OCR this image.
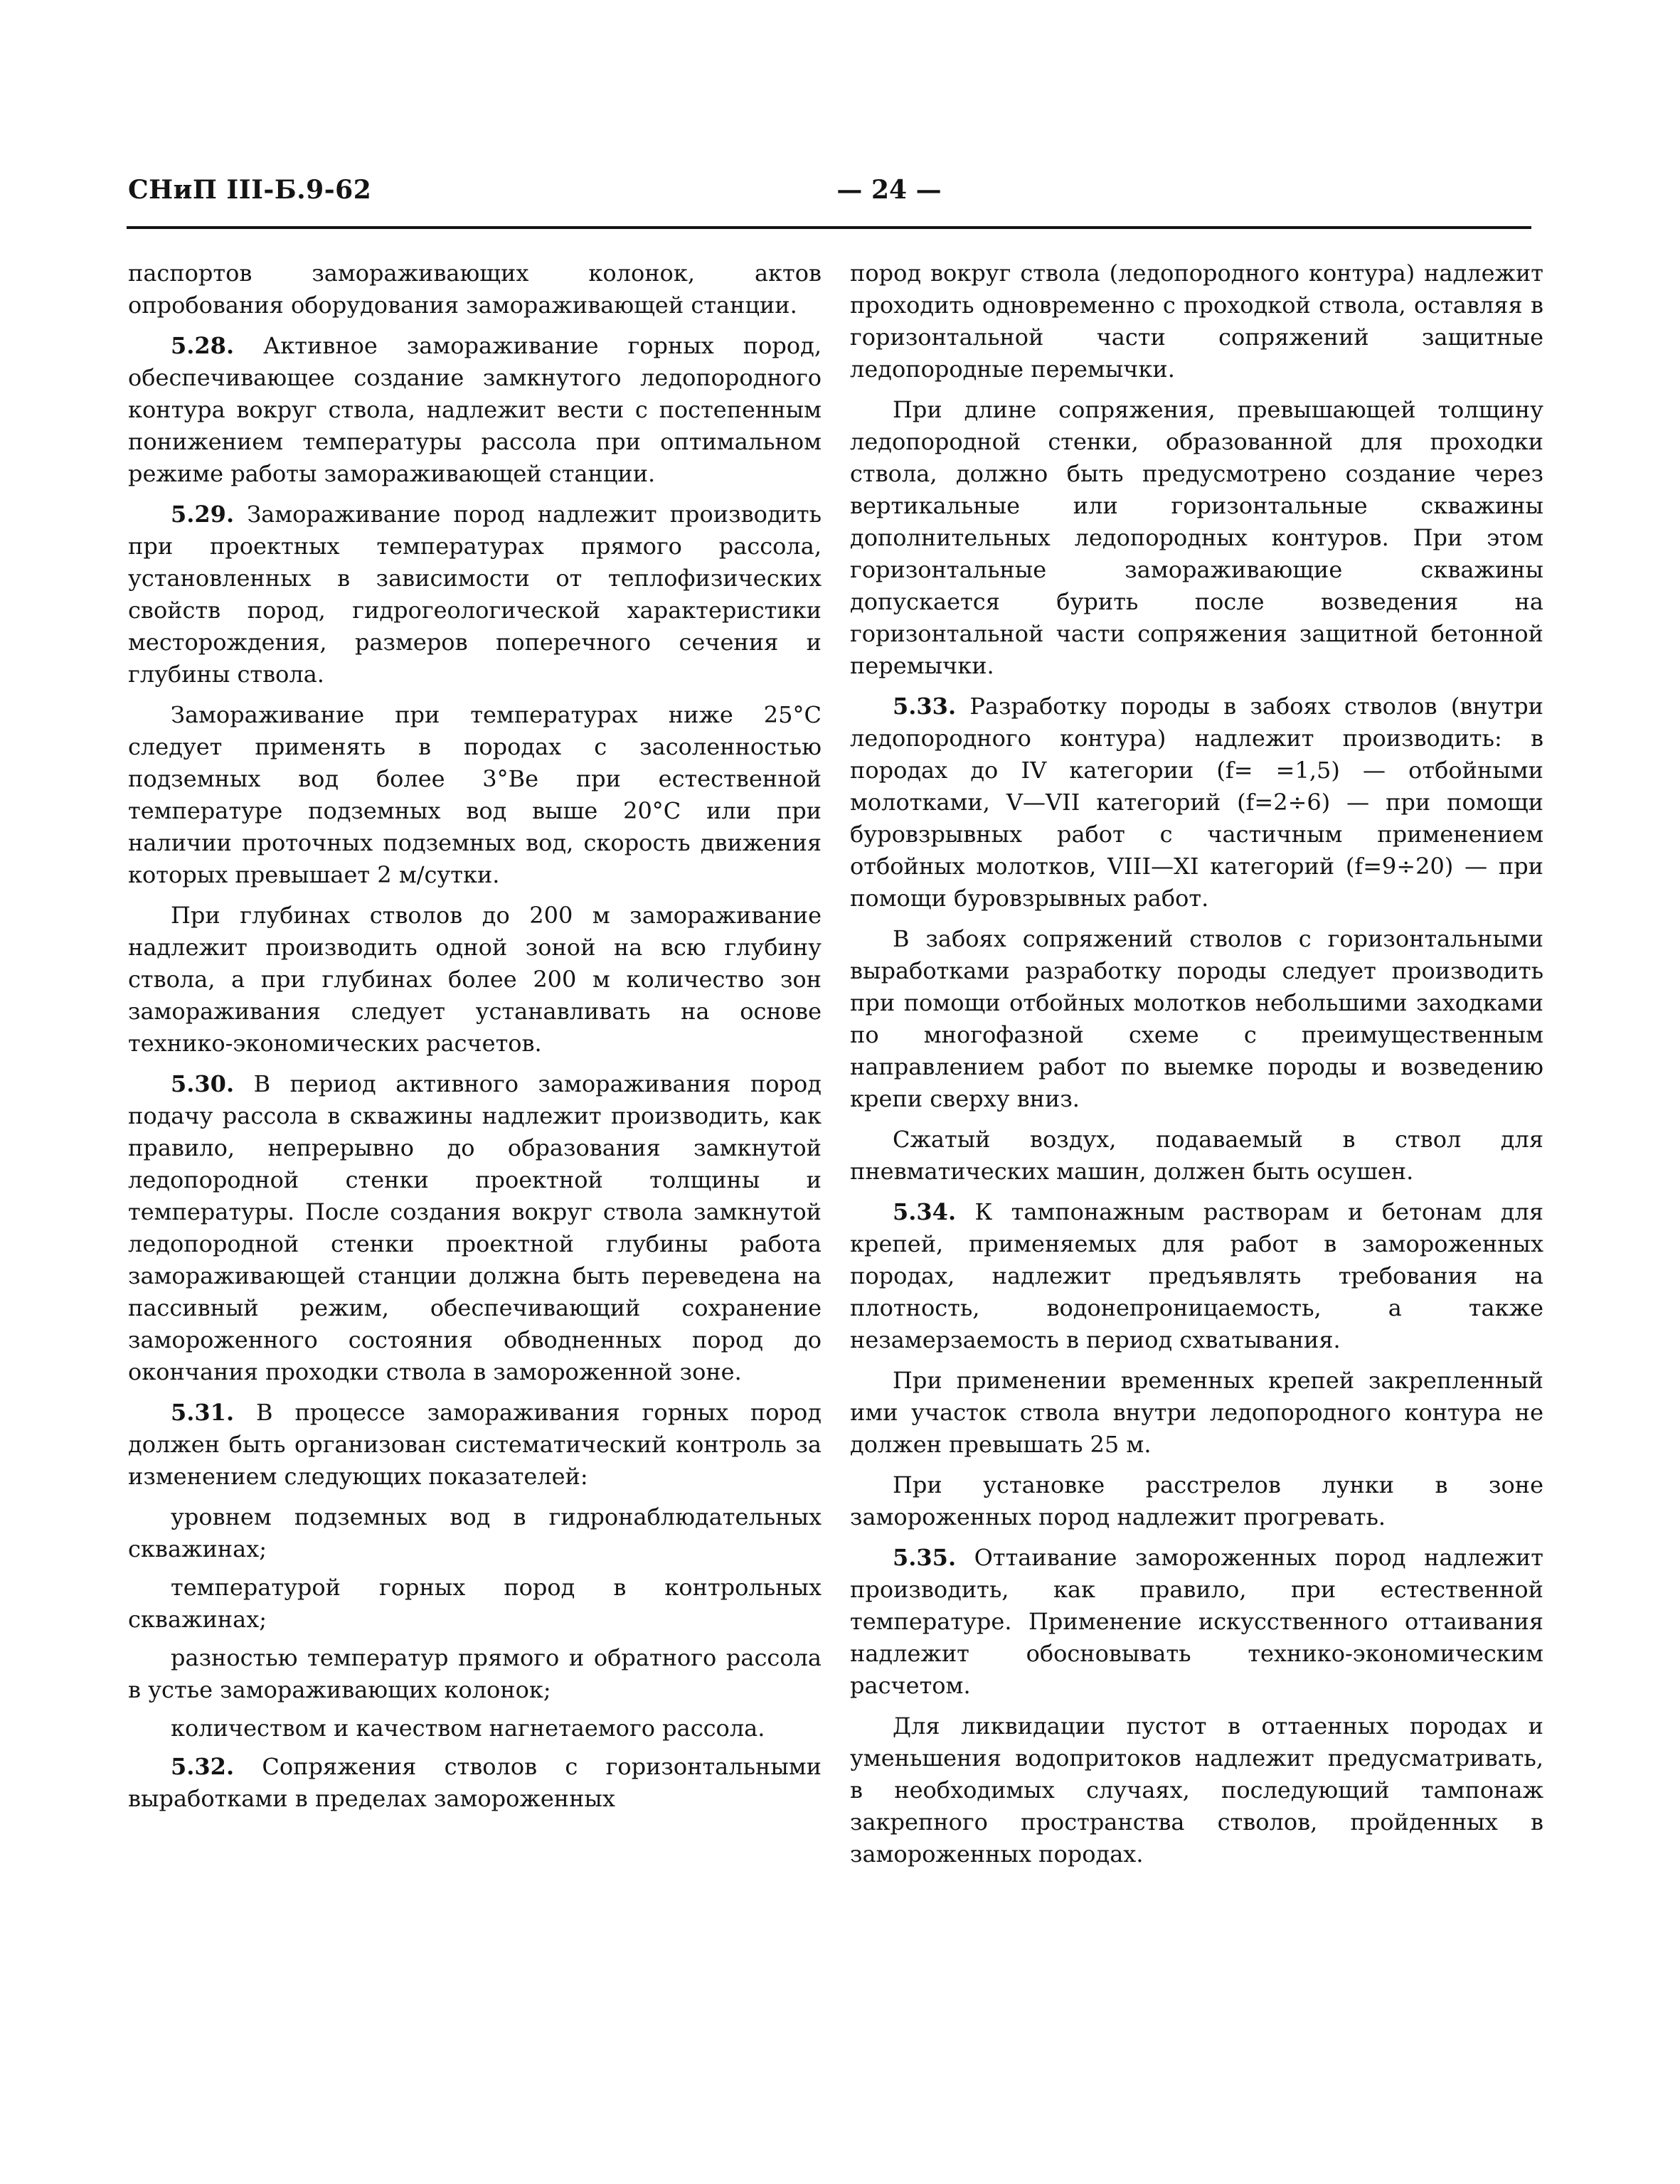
СНиП III-Б.9-62	— 24 —

паспортов замораживающих колонок, актов опробования оборудования замораживающей станции.

5.28. Активное замораживание горных пород, обеспечивающее создание замкнутого ледопородного контура вокруг ствола, надлежит вести с постепенным понижением температуры рассола при оптимальном режиме работы замораживающей станции.

5.29. Замораживание пород надлежит производить при проектных температурах прямого рассола, установленных в зависимости от теплофизических свойств пород, гидрогеологической характеристики месторождения, размеров поперечного сечения и глубины ствола.

Замораживание при температурах ниже 25°С следует применять в породах с засоленностью подземных вод более 3°Ве при естественной температуре подземных вод выше 20°С или при наличии проточных подземных вод, скорость движения которых превышает 2 м/сутки.

При глубинах стволов до 200 м замораживание надлежит производить одной зоной на всю глубину ствола, а при глубинах более 200 м количество зон замораживания следует устанавливать на основе технико-экономических расчетов.

5.30. В период активного замораживания пород подачу рассола в скважины надлежит производить, как правило, непрерывно до образования замкнутой ледопородной стенки проектной толщины и температуры. После создания вокруг ствола замкнутой ледопородной стенки проектной глубины работа замораживающей станции должна быть переведена на пассивный режим, обеспечивающий сохранение замороженного состояния обводненных пород до окончания проходки ствола в замороженной зоне.

5.31. В процессе замораживания горных пород должен быть организован систематический контроль за изменением следующих показателей:

уровнем подземных вод в гидронаблюдательных скважинах;

температурой горных пород в контрольных скважинах;

разностью температур прямого и обратного рассола в устье замораживающих колонок;

количеством и качеством нагнетаемого рассола.

5.32. Сопряжения стволов с горизонтальными выработками в пределах замороженных

пород вокруг ствола (ледопородного контура) надлежит проходить одновременно с проходкой ствола, оставляя в горизонтальной части сопряжений защитные ледопородные перемычки.

При длине сопряжения, превышающей толщину ледопородной стенки, образованной для проходки ствола, должно быть предусмотрено создание через вертикальные или горизонтальные скважины дополнительных ледопородных контуров. При этом горизонтальные замораживающие скважины допускается бурить после возведения на горизонтальной части сопряжения защитной бетонной перемычки.

5.33. Разработку породы в забоях стволов (внутри ледопородного контура) надлежит производить: в породах до IV категории (f= =1,5) — отбойными молотками, V—VII категорий (f=2÷6) — при помощи буровзрывных работ с частичным применением отбойных молотков, VIII—XI категорий (f=9÷20) — при помощи буровзрывных работ.

В забоях сопряжений стволов с горизонтальными выработками разработку породы следует производить при помощи отбойных молотков небольшими заходками по многофазной схеме с преимущественным направлением работ по выемке породы и возведению крепи сверху вниз.

Сжатый воздух, подаваемый в ствол для пневматических машин, должен быть осушен.

5.34. К тампонажным растворам и бетонам для крепей, применяемых для работ в замороженных породах, надлежит предъявлять требования на плотность, водонепроницаемость, а также незамерзаемость в период схватывания.

При применении временных крепей закрепленный ими участок ствола внутри ледопородного контура не должен превышать 25 м.

При установке расстрелов лунки в зоне замороженных пород надлежит прогревать.

5.35. Оттаивание замороженных пород надлежит производить, как правило, при естественной температуре. Применение искусственного оттаивания надлежит обосновывать технико-экономическим расчетом.

Для ликвидации пустот в оттаенных породах и уменьшения водопритоков надлежит предусматривать, в необходимых случаях, последующий тампонаж закрепного пространства стволов, пройденных в замороженных породах.
